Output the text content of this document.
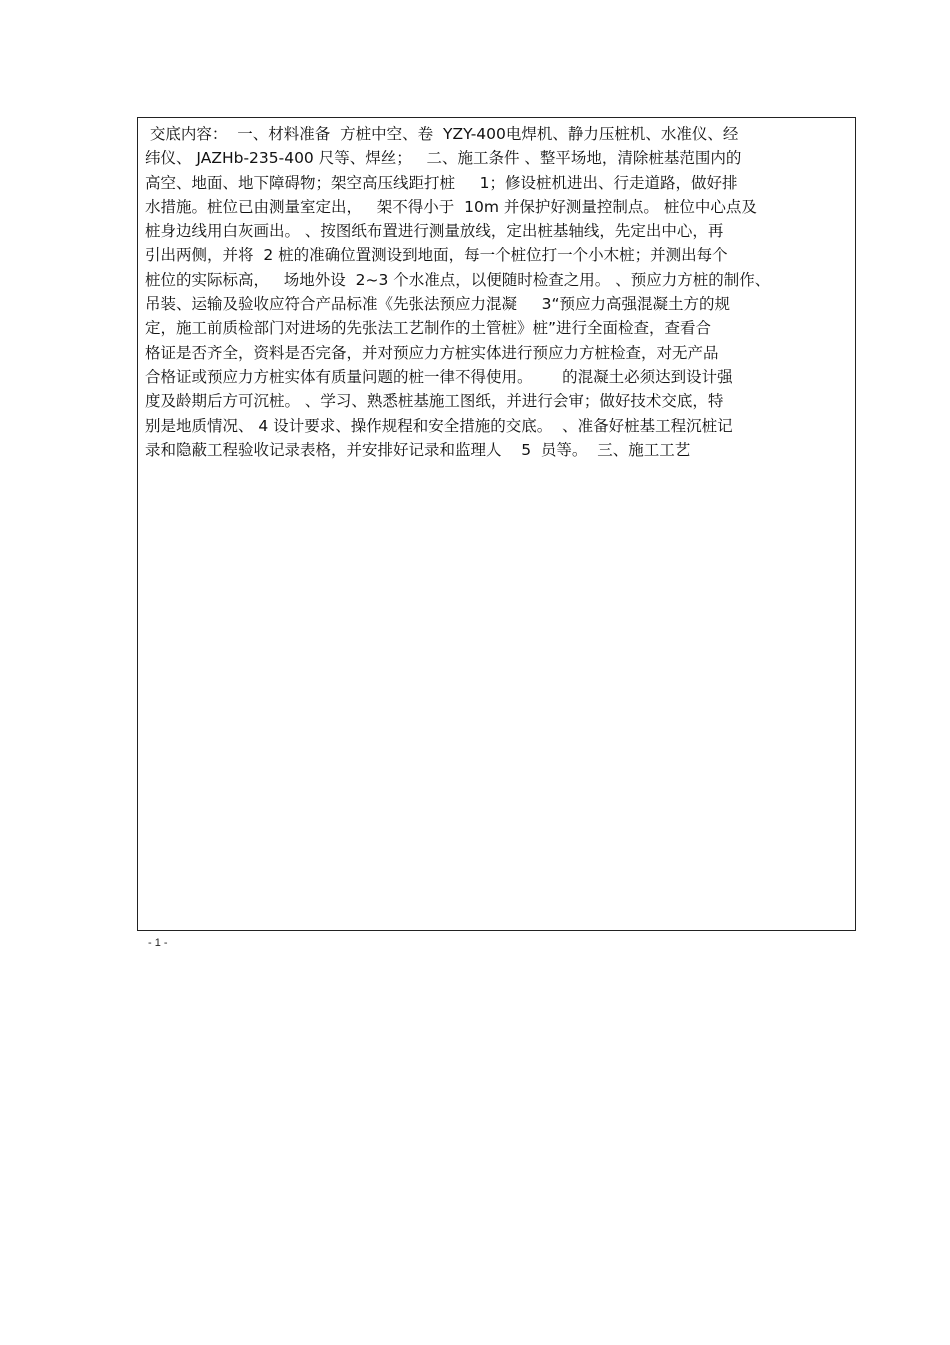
交底内容：  一、材料准备  方桩中空、卷  YZY-400电焊机、静力压桩机、水准仪、经
纬仪、 JAZHb-235-400 尺等、焊丝；   二、施工条件 、整平场地，清除桩基范围内的
高空、地面、地下障碍物；架空高压线距打桩     1；修设桩机进出、行走道路，做好排
水措施。桩位已由测量室定出，   架不得小于  10m 并保护好测量控制点。 桩位中心点及
桩身边线用白灰画出。 、按图纸布置进行测量放线，定出桩基轴线，先定出中心，再
引出两侧，并将  2 桩的准确位置测设到地面，每一个桩位打一个小木桩；并测出每个
桩位的实际标高，   场地外设  2~3 个水准点，以便随时检查之用。 、预应力方桩的制作、
吊装、运输及验收应符合产品标准《先张法预应力混凝     3“预应力高强混凝土方的规
定，施工前质检部门对进场的先张法工艺制作的土管桩》桩”进行全面检查，查看合
格证是否齐全，资料是否完备，并对预应力方桩实体进行预应力方桩检查，对无产品
合格证或预应力方桩实体有质量问题的桩一律不得使用。      的混凝土必须达到设计强
度及龄期后方可沉桩。 、学习、熟悉桩基施工图纸，并进行会审；做好技术交底，特
别是地质情况、 4 设计要求、操作规程和安全措施的交底。  、准备好桩基工程沉桩记
录和隐蔽工程验收记录表格，并安排好记录和监理人    5  员等。  三、施工工艺
- 1 -
